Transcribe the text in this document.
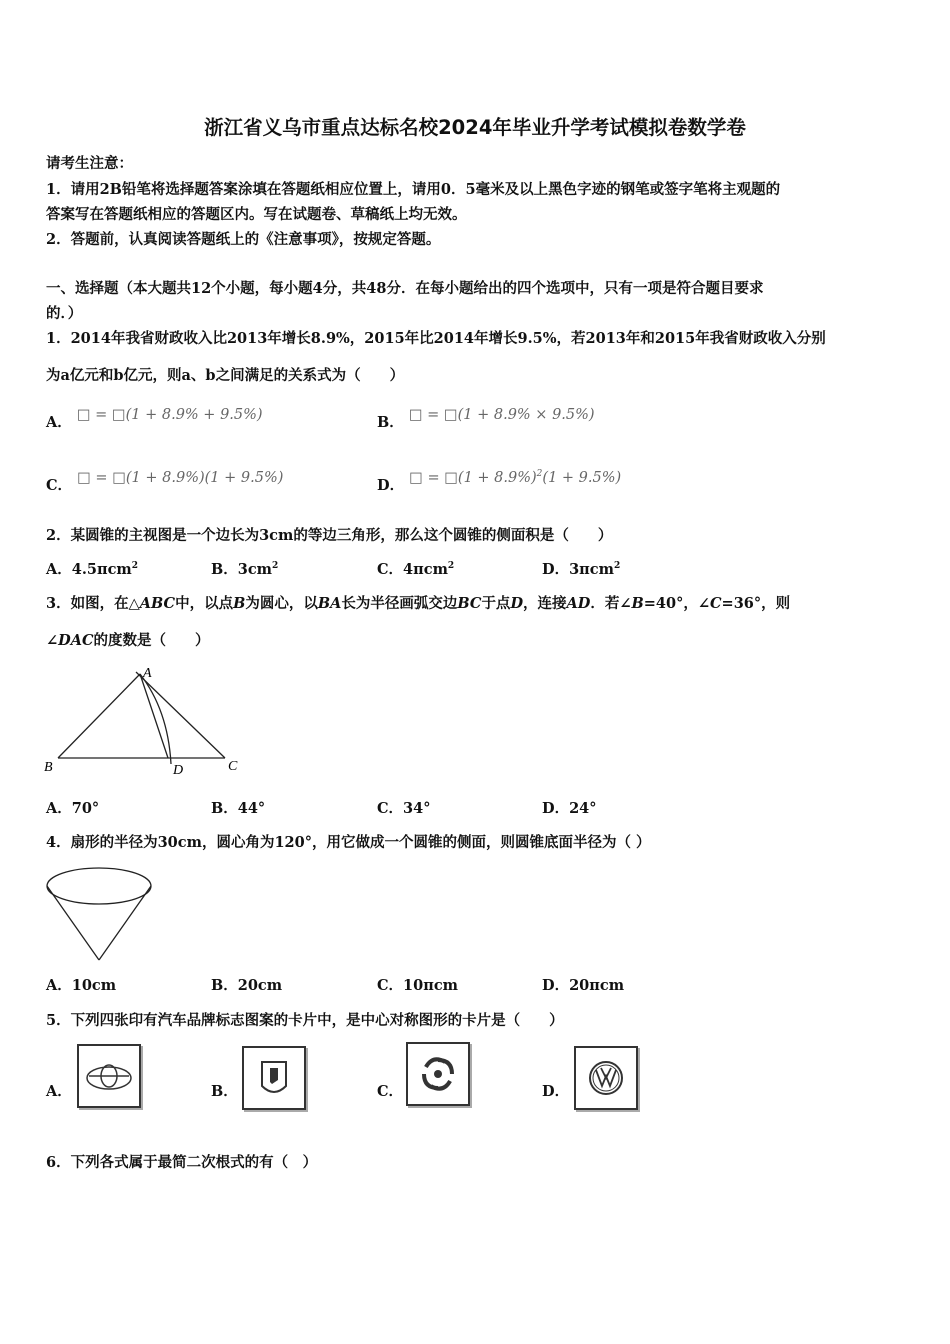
浙江省义乌市重点达标名校2024年毕业升学考试模拟卷数学卷
请考生注意：
1．请用2B铅笔将选择题答案涂填在答题纸相应位置上，请用0．5毫米及以上黑色字迹的钢笔或签字笔将主观题的
答案写在答题纸相应的答题区内。写在试题卷、草稿纸上均无效。
2．答题前，认真阅读答题纸上的《注意事项》，按规定答题。
一、选择题（本大题共12个小题，每小题4分，共48分．在每小题给出的四个选项中，只有一项是符合题目要求
的．）
1．2014年我省财政收入比2013年增长8.9%，2015年比2014年增长9.5%，若2013年和2015年我省财政收入分别
为a亿元和b亿元，则a、b之间满足的关系式为（　　）
A． □ = □(1 + 8.9% + 9.5%)	B． □ = □(1 + 8.9% × 9.5%)
C． □ = □(1 + 8.9%)(1 + 9.5%)	D． □ = □(1 + 8.9%)$^2$(1 + 9.5%)
2．某圆锥的主视图是一个边长为3cm的等边三角形，那么这个圆锥的侧面积是（　　）
A．4.5πcm$^2$	B．$3cm^2$	C．4πcm$^2$	D．3πcm$^2$
3．如图，在△ABC中，以点B为圆心，以BA长为半径画弧交边BC于点D，连接AD．若∠B=40°，∠C=36°，则
∠DAC的度数是（　　）
A
B	D	C
A．70°	B．44°	C．34°	D．24°
4．扇形的半径为30cm，圆心角为120°，用它做成一个圆锥的侧面，则圆锥底面半径为（ ）
A．10cm	B．20cm	C．10πcm	D．20πcm
5．下列四张印有汽车品牌标志图案的卡片中，是中心对称图形的卡片是（　　）
A．	B．	C．	D．
6．下列各式属于最简二次根式的有（　）
